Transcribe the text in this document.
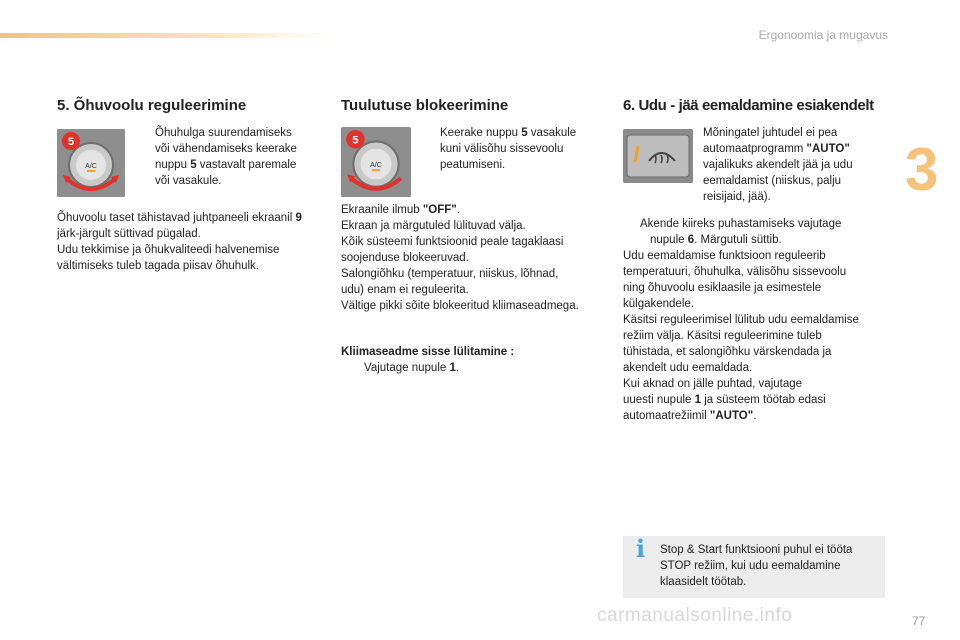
Ergonoomia ja mugavus
3
5. Õhuvoolu reguleerimine
A/C
5
Õhuhulga suurendamiseks
või vähendamiseks keerake
nuppu 5 vastavalt paremale
või vasakule.

Õhuvoolu taset tähistavad juhtpaneeli ekraanil 9

järk-järgult süttivad pügalad.

Udu tekkimise ja õhukvaliteedi halvenemise

vältimiseks tuleb tagada piisav õhuhulk.

Tuulutuse blokeerimine
A/C
5
Keerake nuppu 5 vasakule
kuni välisõhu sissevoolu
peatumiseni.

Ekraanile ilmub "OFF".

Ekraan ja märgutuled lülituvad välja.

Kõik süsteemi funktsioonid peale tagaklaasi

soojenduse blokeeruvad.

Salongiõhku (temperatuur, niiskus, lõhnad,

udu) enam ei reguleerita.

Vältige pikki sõite blokeeritud kliimaseadmega.

Kliimaseadme sisse lülitamine :

Vajutage nupule 1.

6. Udu - jää eemaldamine esiakendelt

Mõningatel juhtudel ei pea

automaatprogramm "AUTO"

vajalikuks akendelt jää ja udu

eemaldamist (niiskus, palju

reisijaid, jää).

Akende kiireks puhastamiseks vajutage
nupule 6. Märgutuli süttib.

Udu eemaldamise funktsioon reguleerib

temperatuuri, õhuhulka, välisõhu sissevoolu

ning õhuvoolu esiklaasile ja esimestele

külgakendele.

Käsitsi reguleerimisel lülitub udu eemaldamise

režiim välja. Käsitsi reguleerimine tuleb

tühistada, et salongiõhku värskendada ja

akendelt udu eemaldada.

Kui aknad on jälle puhtad, vajutage

uuesti nupule 1 ja süsteem töötab edasi

automaatrežiimil "AUTO".

i Stop & Start funktsiooni puhul ei tööta

STOP režiim, kui udu eemaldamine

klaasidelt töötab.

carmanualsonline.info	77
